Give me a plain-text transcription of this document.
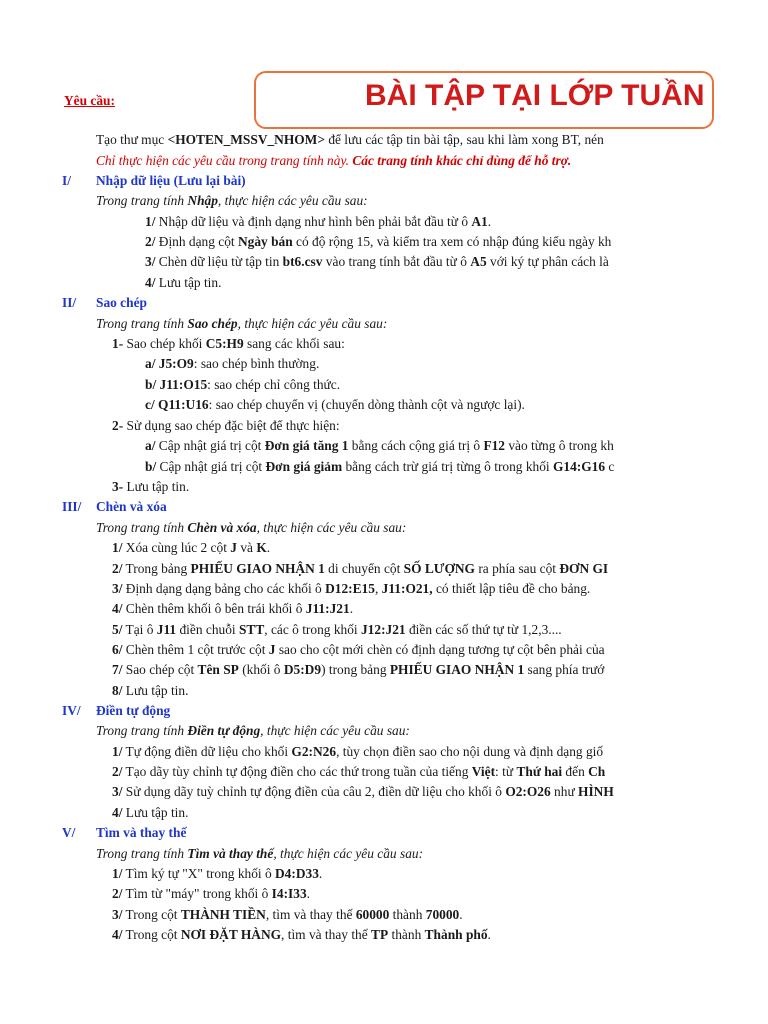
Yêu cầu:	BÀI TẬP TẠI LỚP TUẦN
Tạo thư mục <HOTEN_MSSV_NHOM> để lưu các tập tin bài tập, sau khi làm xong BT, nén
Chỉ thực hiện các yêu cầu trong trang tính này. Các trang tính khác chỉ dùng để hỗ trợ.
I/ Nhập dữ liệu (Lưu lại bài)
Trong trang tính Nhập, thực hiện các yêu cầu sau:
1/ Nhập dữ liệu và định dạng như hình bên phải bắt đầu từ ô A1.
2/ Định dạng cột Ngày bán có độ rộng 15, và kiểm tra xem có nhập đúng kiểu ngày kh
3/ Chèn dữ liệu từ tập tin bt6.csv vào trang tính bắt đầu từ ô A5 với ký tự phân cách là
4/ Lưu tập tin.
II/ Sao chép
Trong trang tính Sao chép, thực hiện các yêu cầu sau:
1- Sao chép khối C5:H9 sang các khối sau:
a/ J5:O9: sao chép bình thường.
b/ J11:O15: sao chép chỉ công thức.
c/ Q11:U16: sao chép chuyển vị (chuyển dòng thành cột và ngược lại).
2- Sử dụng sao chép đặc biệt để thực hiện:
a/ Cập nhật giá trị cột Đơn giá tăng 1 bằng cách cộng giá trị ô F12 vào từng ô trong kh
b/ Cập nhật giá trị cột Đơn giá giảm bằng cách trừ giá trị từng ô trong khối G14:G16 c
3- Lưu tập tin.
III/ Chèn và xóa
Trong trang tính Chèn và xóa, thực hiện các yêu cầu sau:
1/ Xóa cùng lúc 2 cột J và K.
2/ Trong bảng PHIẾU GIAO NHẬN 1 di chuyển cột SỐ LƯỢNG ra phía sau cột ĐƠN GI
3/ Định dạng dạng bảng cho các khối ô D12:E15, J11:O21, có thiết lập tiêu đề cho bảng.
4/ Chèn thêm khối ô bên trái khối ô J11:J21.
5/ Tại ô J11 điền chuỗi STT, các ô trong khối J12:J21 điền các số thứ tự từ 1,2,3....
6/ Chèn thêm 1 cột trước cột J sao cho cột mới chèn có định dạng tương tự cột bên phải của
7/ Sao chép cột Tên SP (khối ô D5:D9) trong bảng PHIẾU GIAO NHẬN 1 sang phía trướ
8/ Lưu tập tin.
IV/ Điền tự động
Trong trang tính Điền tự động, thực hiện các yêu cầu sau:
1/ Tự động điền dữ liệu cho khối G2:N26, tùy chọn điền sao cho nội dung và định dạng giố
2/ Tạo dãy tùy chỉnh tự động điền cho các thứ trong tuần của tiếng Việt: từ Thứ hai đến Ch
3/ Sử dụng dãy tuỳ chỉnh tự động điền của câu 2, điền dữ liệu cho khối ô O2:O26 như HÌNH
4/ Lưu tập tin.
V/ Tìm và thay thế
Trong trang tính Tìm và thay thế, thực hiện các yêu cầu sau:
1/ Tìm ký tự "X" trong khối ô D4:D33.
2/ Tìm từ "máy" trong khối ô I4:I33.
3/ Trong cột THÀNH TIỀN, tìm và thay thế 60000 thành 70000.
4/ Trong cột NƠI ĐẶT HÀNG, tìm và thay thế TP thành Thành phố.
